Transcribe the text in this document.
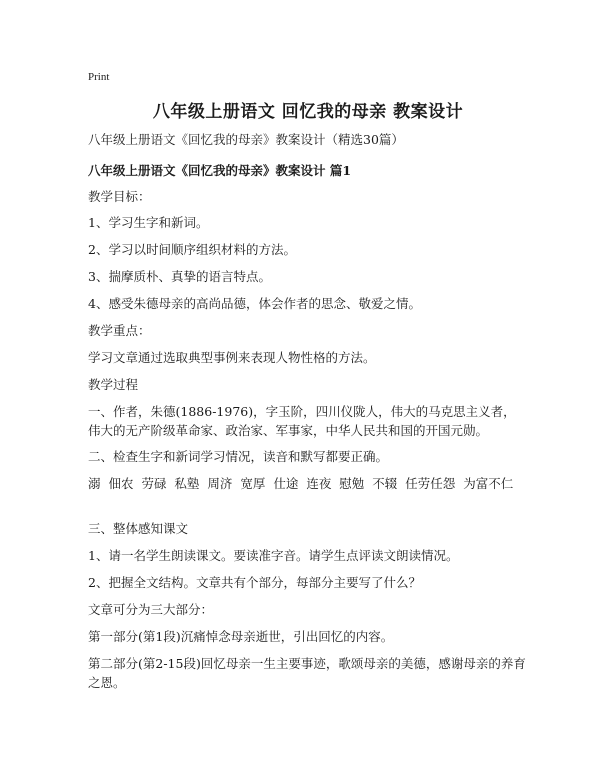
Print
八年级上册语文 回忆我的母亲 教案设计
八年级上册语文《回忆我的母亲》教案设计（精选30篇）
八年级上册语文《回忆我的母亲》教案设计 篇1
教学目标：
1、学习生字和新词。
2、学习以时间顺序组织材料的方法。
3、揣摩质朴、真挚的语言特点。
4、感受朱德母亲的高尚品德，体会作者的思念、敬爱之情。
教学重点：
学习文章通过选取典型事例来表现人物性格的方法。
教学过程
一、作者，朱德(1886-1976)，字玉阶，四川仪陇人，伟大的马克思主义者，伟大的无产阶级革命家、政治家、军事家，中华人民共和国的开国元勋。
二、检查生字和新词学习情况，读音和默写都要正确。
溺 佃农 劳碌 私塾 周济 宽厚 仕途 连夜 慰勉 不辍 任劳任怨 为富不仁
三、整体感知课文
1、请一名学生朗读课文。要读准字音。请学生点评读文朗读情况。
2、把握全文结构。文章共有个部分，每部分主要写了什么？
文章可分为三大部分：
第一部分(第1段)沉痛悼念母亲逝世，引出回忆的内容。
第二部分(第2-15段)回忆母亲一生主要事迹，歌颂母亲的美德，感谢母亲的养育之恩。
